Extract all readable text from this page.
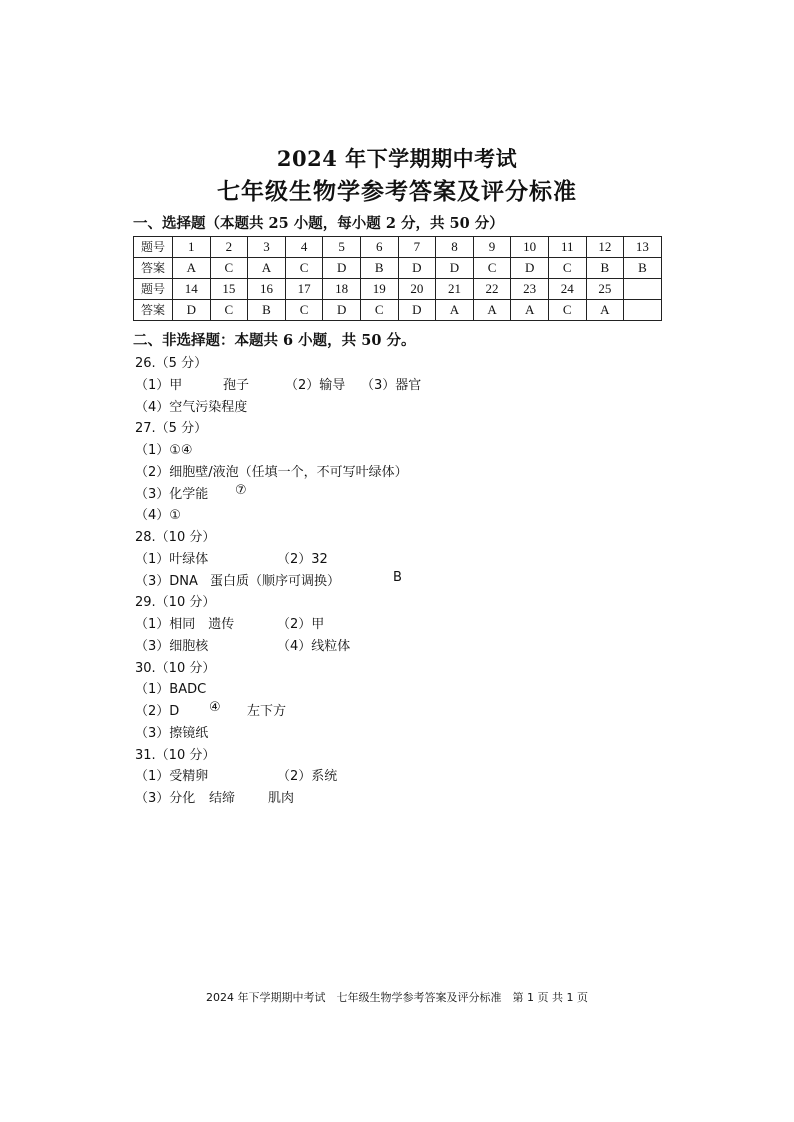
2024 年下学期期中考试
七年级生物学参考答案及评分标准
一、选择题（本题共 25 小题，每小题 2 分，共 50 分）
题号	1	2	3	4	5	6	7	8	9	10	11	12	13
答案	A	C	A	C	D	B	D	D	C	D	C	B	B
题号	14	15	16	17	18	19	20	21	22	23	24	25	
答案	D	C	B	C	D	C	D	A	A	A	C	A	
二、非选择题：本题共 6 小题，共 50 分。
26.（5 分）
（1）甲	孢子	（2）输导 （3）器官
（4）空气污染程度
27.（5 分）
（1）①④
（2）细胞壁/液泡（任填一个，不可写叶绿体）
（3）化学能 ⑦
（4）①
28.（10 分）
（1）叶绿体	（2）32
（3）DNA 蛋白质（顺序可调换）	B
29.（10 分）
（1）相同　遗传	（2）甲
（3）细胞核	（4）线粒体
30.（10 分）
（1）BADC
（2）D ④ 左下方
（3）擦镜纸
31.（10 分）
（1）受精卵	（2）系统
（3）分化 结缔	肌肉
2024 年下学期期中考试　七年级生物学参考答案及评分标准　第 1 页 共 1 页
